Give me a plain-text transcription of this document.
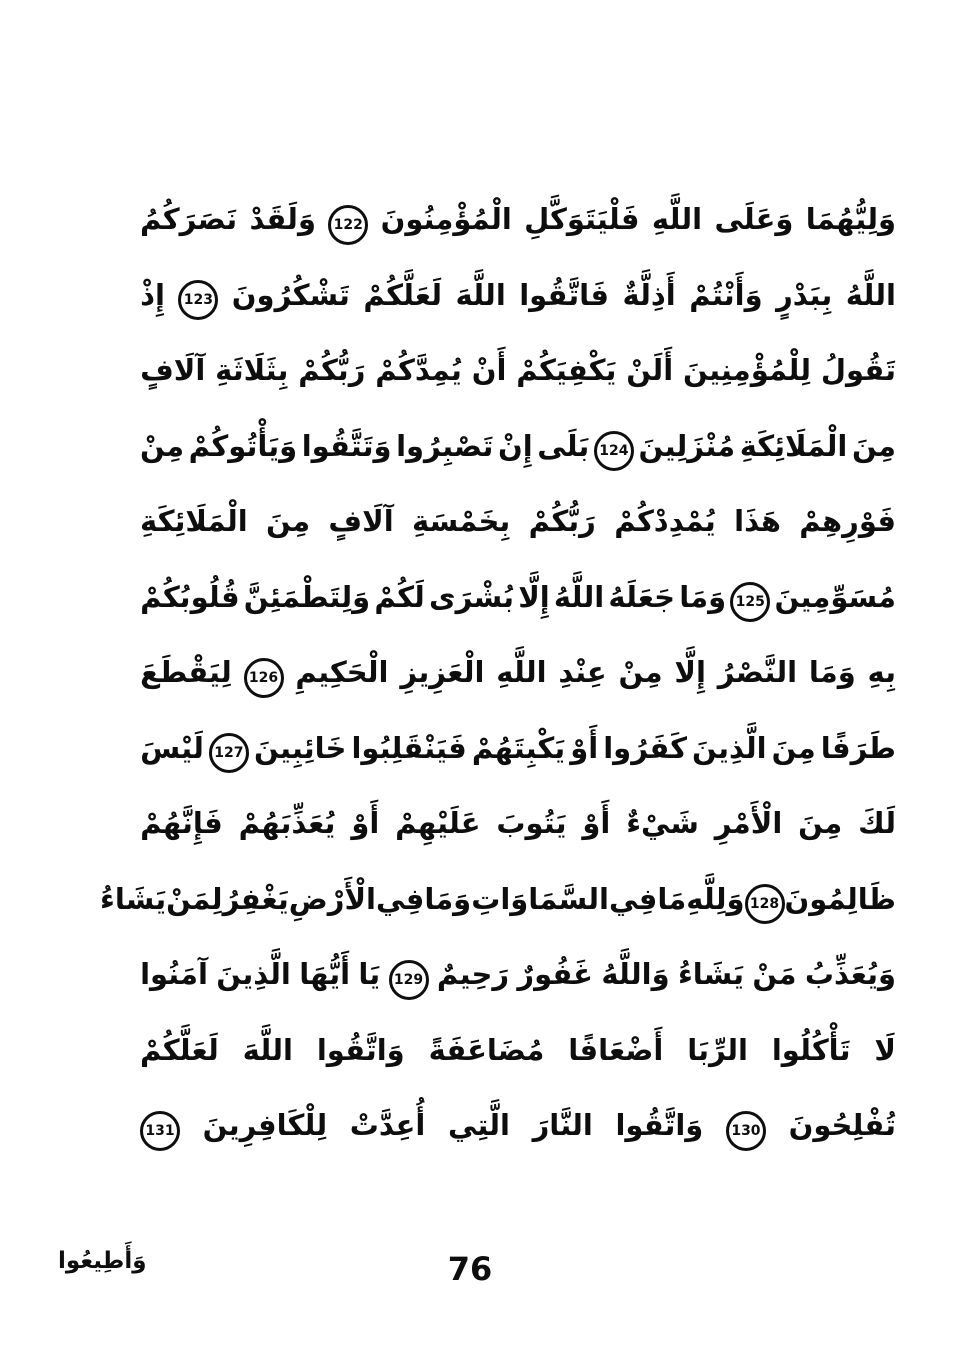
وَلِيُّهُمَا
وَعَلَى
اللَّهِ
فَلْيَتَوَكَّلِ
الْمُؤْمِنُونَ
122
وَلَقَدْ
نَصَرَكُمُ
اللَّهُ
بِبَدْرٍ
وَأَنْتُمْ
أَذِلَّةٌ
فَاتَّقُوا
اللَّهَ
لَعَلَّكُمْ
تَشْكُرُونَ
123
إِذْ
تَقُولُ
لِلْمُؤْمِنِينَ
أَلَنْ
يَكْفِيَكُمْ
أَنْ
يُمِدَّكُمْ
رَبُّكُمْ
بِثَلَاثَةِ
آلَافٍ
مِنَ
الْمَلَائِكَةِ
مُنْزَلِينَ
124
بَلَى
إِنْ
تَصْبِرُوا
وَتَتَّقُوا
وَيَأْتُوكُمْ
مِنْ
فَوْرِهِمْ
هَذَا
يُمْدِدْكُمْ
رَبُّكُمْ
بِخَمْسَةِ
آلَافٍ
مِنَ
الْمَلَائِكَةِ
مُسَوِّمِينَ
125
وَمَا
جَعَلَهُ
اللَّهُ
إِلَّا
بُشْرَى
لَكُمْ
وَلِتَطْمَئِنَّ
قُلُوبُكُمْ
بِهِ
وَمَا
النَّصْرُ
إِلَّا
مِنْ
عِنْدِ
اللَّهِ
الْعَزِيزِ
الْحَكِيمِ
126
لِيَقْطَعَ
طَرَفًا
مِنَ
الَّذِينَ
كَفَرُوا
أَوْ
يَكْبِتَهُمْ
فَيَنْقَلِبُوا
خَائِبِينَ
127
لَيْسَ
لَكَ
مِنَ
الْأَمْرِ
شَيْءٌ
أَوْ
يَتُوبَ
عَلَيْهِمْ
أَوْ
يُعَذِّبَهُمْ
فَإِنَّهُمْ
ظَالِمُونَ
128
وَلِلَّهِ
مَا
فِي
السَّمَاوَاتِ
وَمَا
فِي
الْأَرْضِ
يَغْفِرُ
لِمَنْ
يَشَاءُ
وَيُعَذِّبُ
مَنْ
يَشَاءُ
وَاللَّهُ
غَفُورٌ
رَحِيمٌ
129
يَا
أَيُّهَا
الَّذِينَ
آمَنُوا
لَا
تَأْكُلُوا
الرِّبَا
أَضْعَافًا
مُضَاعَفَةً
وَاتَّقُوا
اللَّهَ
لَعَلَّكُمْ
تُفْلِحُونَ
130
وَاتَّقُوا
النَّارَ
الَّتِي
أُعِدَّتْ
لِلْكَافِرِينَ
131
وَأَطِيعُوا	76
